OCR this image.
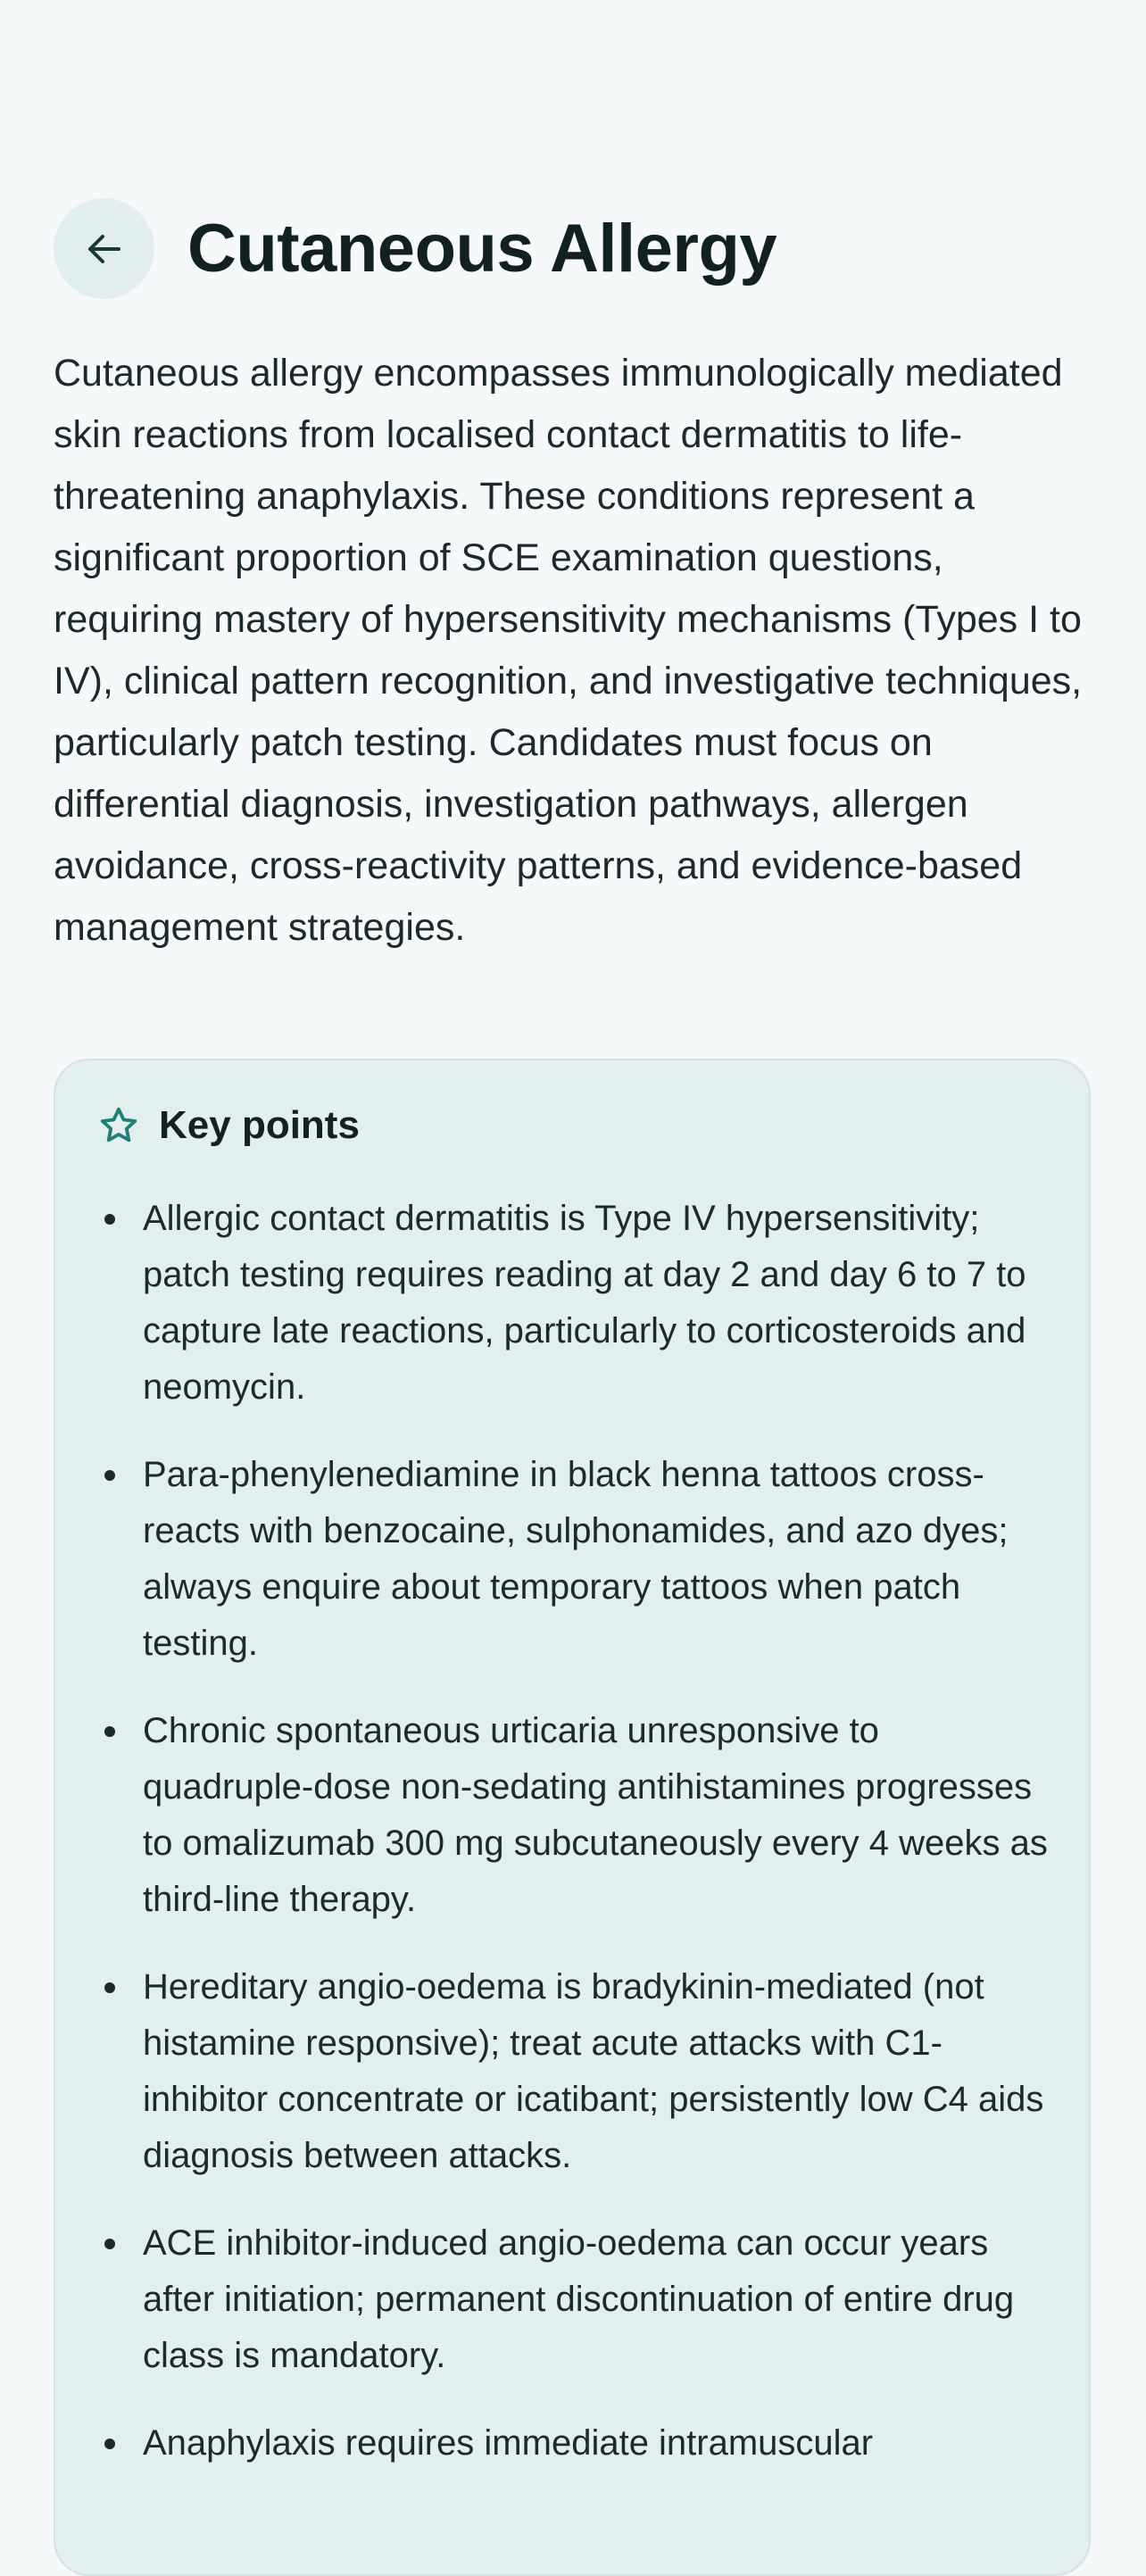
Cutaneous Allergy

Cutaneous allergy encompasses immunologically mediated skin reactions from localised contact dermatitis to life-threatening anaphylaxis. These conditions represent a significant proportion of SCE examination questions, requiring mastery of hypersensitivity mechanisms (Types I to IV), clinical pattern recognition, and investigative techniques, particularly patch testing. Candidates must focus on differential diagnosis, investigation pathways, allergen avoidance, cross-reactivity patterns, and evidence-based management strategies.

Key points
Allergic contact dermatitis is Type IV hypersensitivity; patch testing requires reading at day 2 and day 6 to 7 to capture late reactions, particularly to corticosteroids and neomycin.
Para-phenylenediamine in black henna tattoos cross-reacts with benzocaine, sulphonamides, and azo dyes; always enquire about temporary tattoos when patch testing.
Chronic spontaneous urticaria unresponsive to quadruple-dose non-sedating antihistamines progresses to omalizumab 300 mg subcutaneously every 4 weeks as third-line therapy.
Hereditary angio-oedema is bradykinin-mediated (not histamine responsive); treat acute attacks with C1-inhibitor concentrate or icatibant; persistently low C4 aids diagnosis between attacks.
ACE inhibitor-induced angio-oedema can occur years after initiation; permanent discontinuation of entire drug class is mandatory.
Anaphylaxis requires immediate intramuscular
